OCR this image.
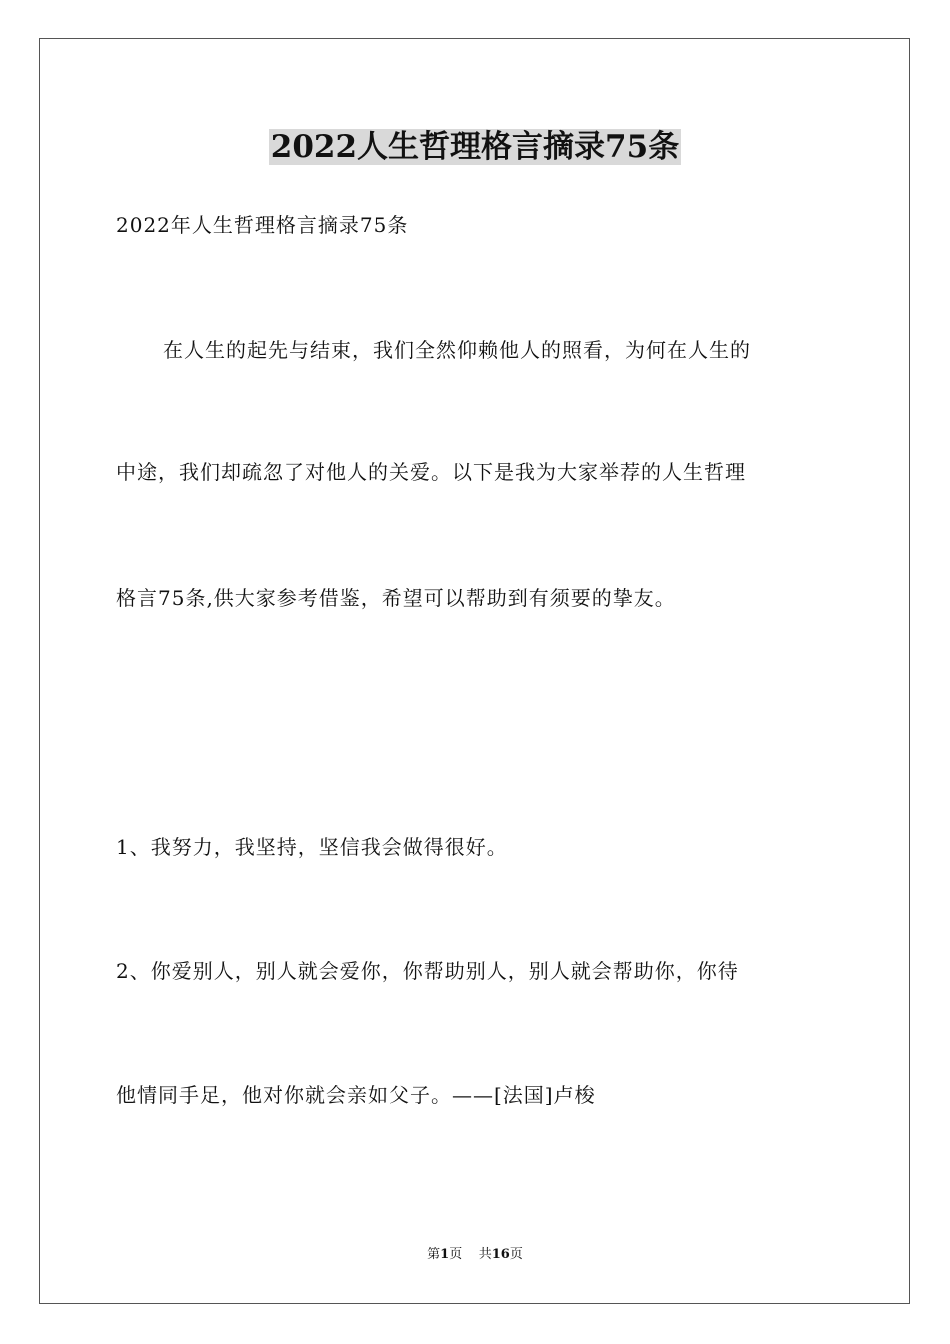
2022人生哲理格言摘录75条
2022年人生哲理格言摘录75条
在人生的起先与结束，我们全然仰赖他人的照看，为何在人生的
中途，我们却疏忽了对他人的关爱。以下是我为大家举荐的人生哲理
格言75条,供大家参考借鉴，希望可以帮助到有须要的挚友。
1、我努力，我坚持，坚信我会做得很好。
2、你爱别人，别人就会爱你，你帮助别人，别人就会帮助你，你待
他情同手足，他对你就会亲如父子。——[法国]卢梭
第1页 共16页
